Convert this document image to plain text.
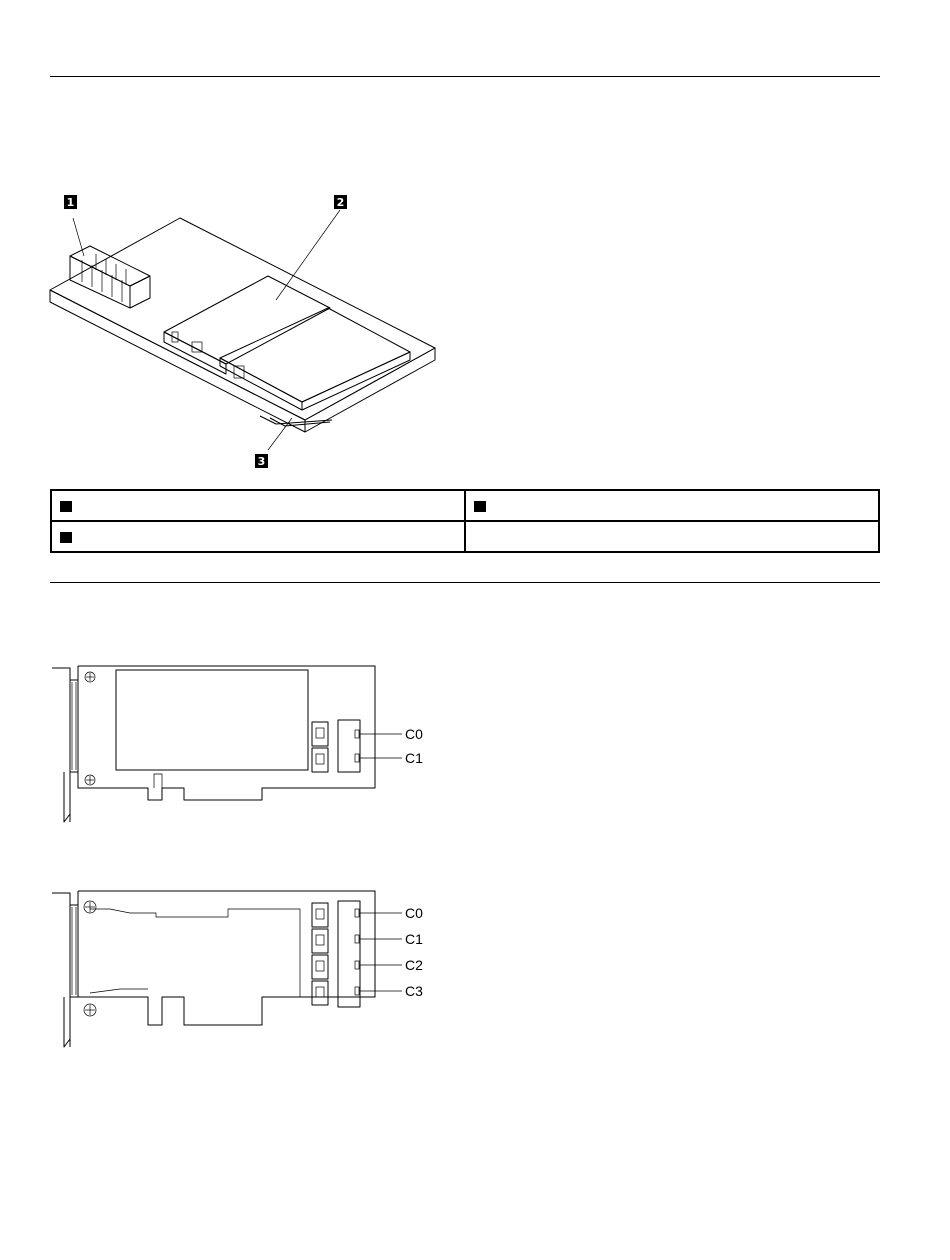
1	2
3

C0
C1
C0
C1
C2
C3
